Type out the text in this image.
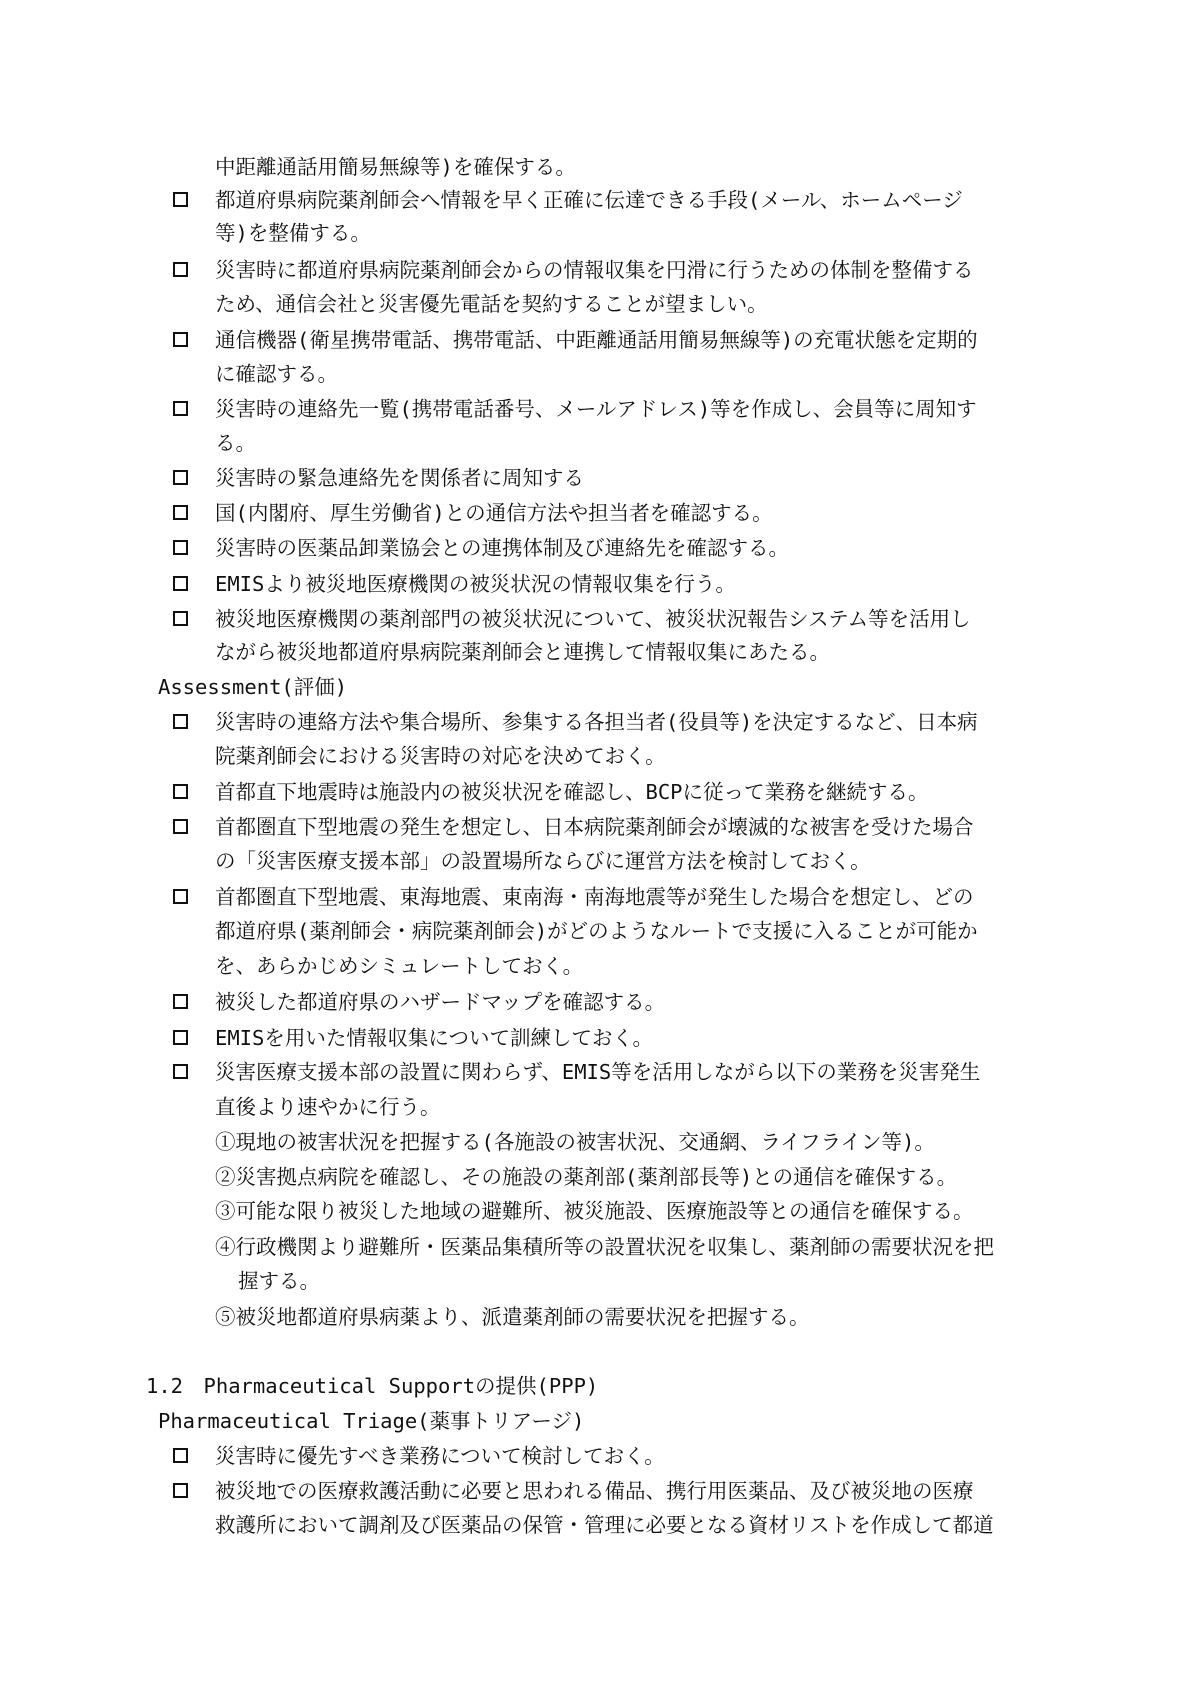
中距離通話用簡易無線等)を確保する。
都道府県病院薬剤師会へ情報を早く正確に伝達できる手段(メール、ホームページ
等)を整備する。
災害時に都道府県病院薬剤師会からの情報収集を円滑に行うための体制を整備する
ため、通信会社と災害優先電話を契約することが望ましい。
通信機器(衛星携帯電話、携帯電話、中距離通話用簡易無線等)の充電状態を定期的
に確認する。
災害時の連絡先一覧(携帯電話番号、メールアドレス)等を作成し、会員等に周知す
る。
災害時の緊急連絡先を関係者に周知する
国(内閣府、厚生労働省)との通信方法や担当者を確認する。
災害時の医薬品卸業協会との連携体制及び連絡先を確認する。
EMISより被災地医療機関の被災状況の情報収集を行う。
被災地医療機関の薬剤部門の被災状況について、被災状況報告システム等を活用し
ながら被災地都道府県病院薬剤師会と連携して情報収集にあたる。
Assessment(評価)
災害時の連絡方法や集合場所、参集する各担当者(役員等)を決定するなど、日本病
院薬剤師会における災害時の対応を決めておく。
首都直下地震時は施設内の被災状況を確認し、BCPに従って業務を継続する。
首都圏直下型地震の発生を想定し、日本病院薬剤師会が壊滅的な被害を受けた場合
の「災害医療支援本部」の設置場所ならびに運営方法を検討しておく。
首都圏直下型地震、東海地震、東南海・南海地震等が発生した場合を想定し、どの
都道府県(薬剤師会・病院薬剤師会)がどのようなルートで支援に入ることが可能か
を、あらかじめシミュレートしておく。
被災した都道府県のハザードマップを確認する。
EMISを用いた情報収集について訓練しておく。
災害医療支援本部の設置に関わらず、EMIS等を活用しながら以下の業務を災害発生
直後より速やかに行う。
①現地の被害状況を把握する(各施設の被害状況、交通網、ライフライン等)。
②災害拠点病院を確認し、その施設の薬剤部(薬剤部長等)との通信を確保する。
③可能な限り被災した地域の避難所、被災施設、医療施設等との通信を確保する。
④行政機関より避難所・医薬品集積所等の設置状況を収集し、薬剤師の需要状況を把
握する。
⑤被災地都道府県病薬より、派遣薬剤師の需要状況を把握する。
1.2　Pharmaceutical Supportの提供(PPP)
Pharmaceutical Triage(薬事トリアージ)
災害時に優先すべき業務について検討しておく。
被災地での医療救護活動に必要と思われる備品、携行用医薬品、及び被災地の医療
救護所において調剤及び医薬品の保管・管理に必要となる資材リストを作成して都道
